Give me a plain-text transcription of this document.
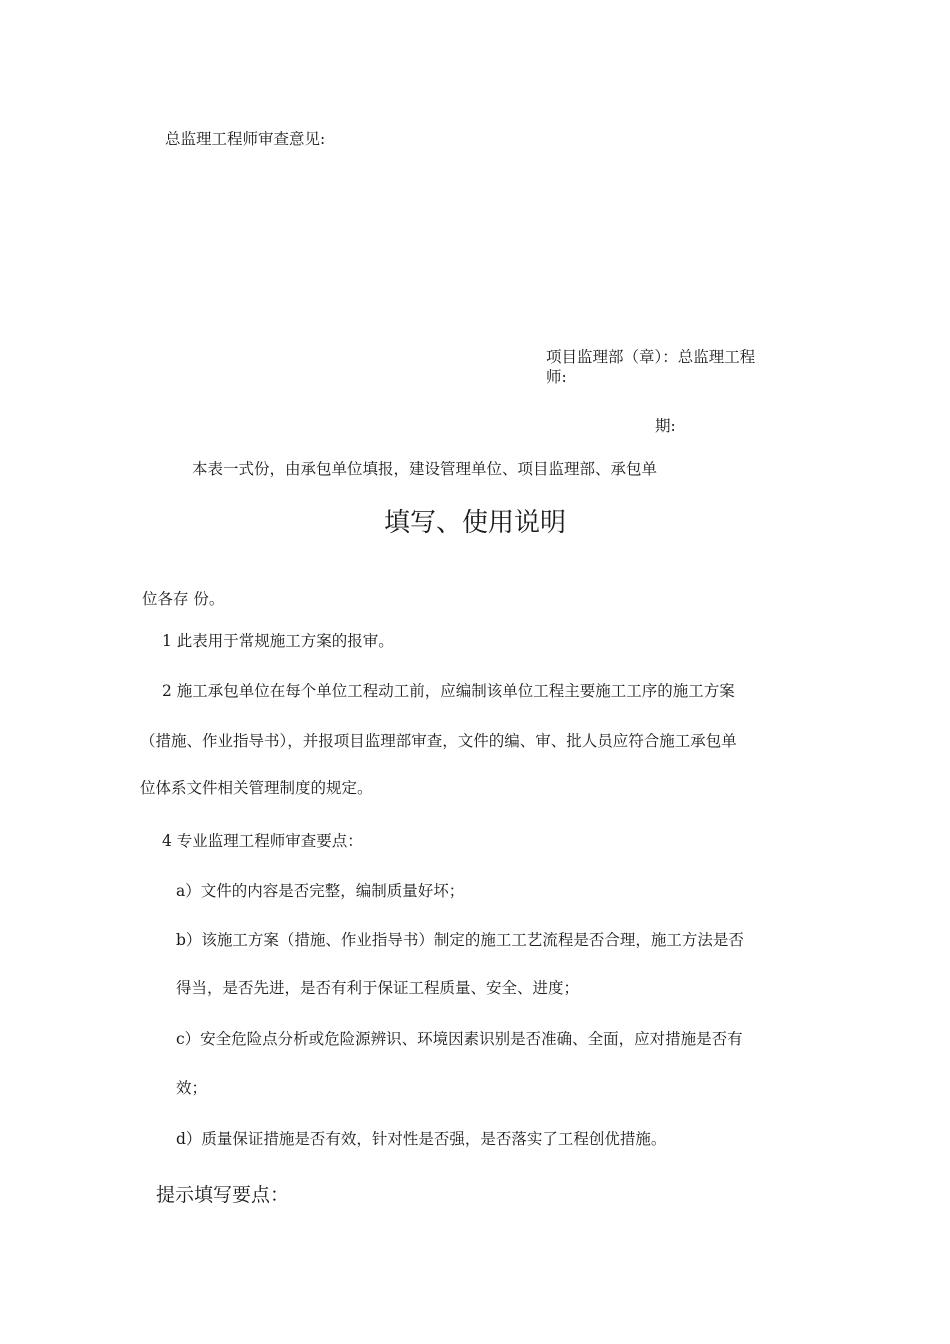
总监理工程师审查意见:
项目监理部（章）：总监理工程
师:
期:
本表一式份，由承包单位填报，建设管理单位、项目监理部、承包单
填写、使用说明
位各存 份。
1 此表用于常规施工方案的报审。
2 施工承包单位在每个单位工程动工前，应编制该单位工程主要施工工序的施工方案
（措施、作业指导书），并报项目监理部审查，文件的编、审、批人员应符合施工承包单
位体系文件相关管理制度的规定。
4 专业监理工程师审查要点：
a）文件的内容是否完整，编制质量好坏；
b）该施工方案（措施、作业指导书）制定的施工工艺流程是否合理，施工方法是否
得当，是否先进，是否有利于保证工程质量、安全、进度；
c）安全危险点分析或危险源辨识、环境因素识别是否准确、全面，应对措施是否有
效；
d）质量保证措施是否有效，针对性是否强，是否落实了工程创优措施。
提示填写要点：
